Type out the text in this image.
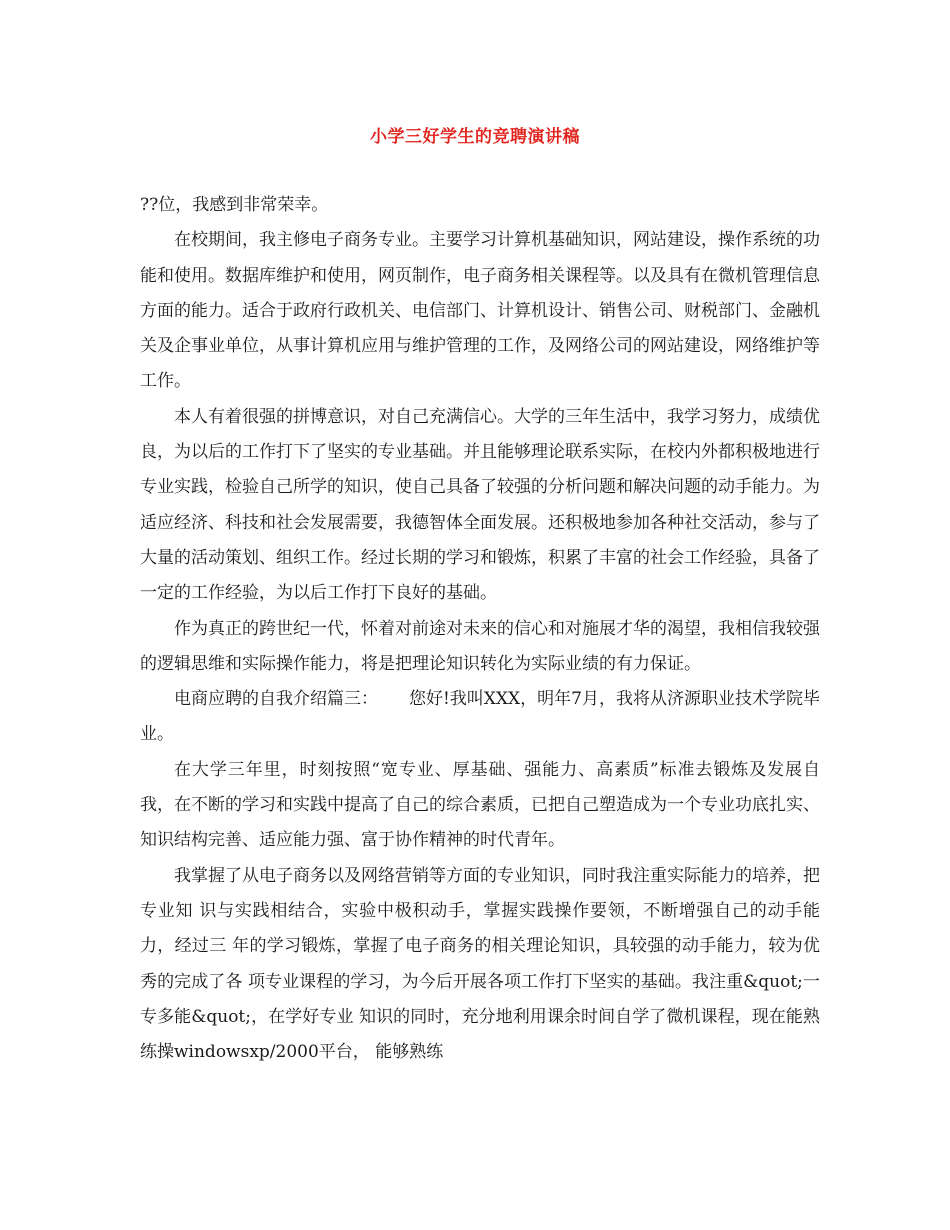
小学三好学生的竞聘演讲稿

??位，我感到非常荣幸。

在校期间，我主修电子商务专业。主要学习计算机基础知识，网站建设，操作系统的功能和使用。数据库维护和使用，网页制作，电子商务相关课程等。以及具有在微机管理信息方面的能力。适合于政府行政机关、电信部门、计算机设计、销售公司、财税部门、金融机关及企事业单位，从事计算机应用与维护管理的工作，及网络公司的网站建设，网络维护等工作。

本人有着很强的拼博意识，对自己充满信心。大学的三年生活中，我学习努力，成绩优良，为以后的工作打下了坚实的专业基础。并且能够理论联系实际，在校内外都积极地进行专业实践，检验自己所学的知识，使自己具备了较强的分析问题和解决问题的动手能力。为适应经济、科技和社会发展需要，我德智体全面发展。还积极地参加各种社交活动，参与了大量的活动策划、组织工作。经过长期的学习和锻炼，积累了丰富的社会工作经验，具备了一定的工作经验，为以后工作打下良好的基础。

作为真正的跨世纪一代，怀着对前途对未来的信心和对施展才华的渴望，我相信我较强的逻辑思维和实际操作能力，将是把理论知识转化为实际业绩的有力保证。

电商应聘的自我介绍篇三：　　 您好!我叫XXX，明年7月，我将从济源职业技术学院毕业。

在大学三年里，时刻按照“宽专业、厚基础、强能力、高素质”标准去锻炼及发展自我，在不断的学习和实践中提高了自己的综合素质，已把自己塑造成为一个专业功底扎实、知识结构完善、适应能力强、富于协作精神的时代青年。

我掌握了从电子商务以及网络营销等方面的专业知识，同时我注重实际能力的培养，把专业知 识与实践相结合，实验中极积动手，掌握实践操作要领，不断增强自己的动手能力，经过三 年的学习锻炼，掌握了电子商务的相关理论知识，具较强的动手能力，较为优秀的完成了各 项专业课程的学习，为今后开展各项工作打下坚实的基础。我注重&quot;一专多能&quot;，在学好专业 知识的同时，充分地利用课余时间自学了微机课程，现在能熟练操windowsxp/2000平台， 能够熟练
